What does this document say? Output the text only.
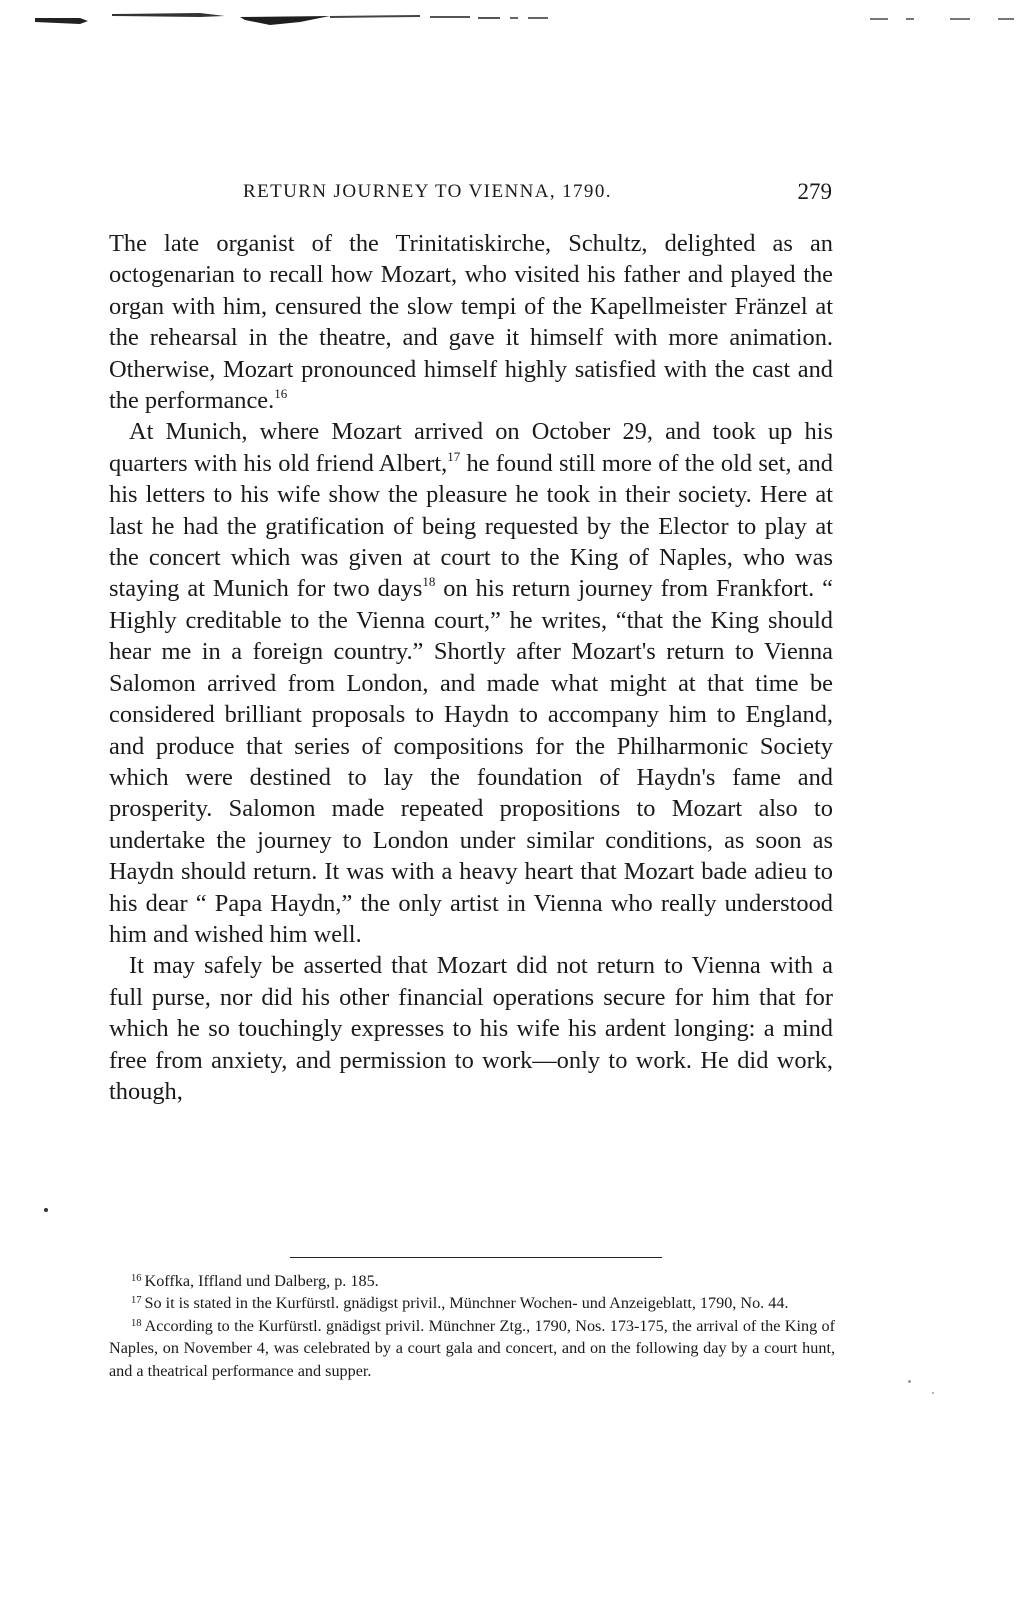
RETURN JOURNEY TO VIENNA, 1790.	279

The late organist of the Trinitatiskirche, Schultz, delighted as an octogenarian to recall how Mozart, who visited his father and played the organ with him, censured the slow tempi of the Kapellmeister Fränzel at the rehearsal in the theatre, and gave it himself with more animation. Otherwise, Mozart pronounced himself highly satisfied with the cast and the performance.$^{16}$

At Munich, where Mozart arrived on October 29, and took up his quarters with his old friend Albert,$^{17}$ he found still more of the old set, and his letters to his wife show the pleasure he took in their society. Here at last he had the gratification of being requested by the Elector to play at the concert which was given at court to the King of Naples, who was staying at Munich for two days$^{18}$ on his return journey from Frankfort. “ Highly creditable to the Vienna court,” he writes, “that the King should hear me in a foreign country.” Shortly after Mozart's return to Vienna Salomon arrived from London, and made what might at that time be considered brilliant proposals to Haydn to accompany him to England, and produce that series of compositions for the Philharmonic Society which were destined to lay the foundation of Haydn's fame and prosperity. Salomon made repeated propositions to Mozart also to undertake the journey to London under similar conditions, as soon as Haydn should return. It was with a heavy heart that Mozart bade adieu to his dear “ Papa Haydn,” the only artist in Vienna who really understood him and wished him well.

It may safely be asserted that Mozart did not return to Vienna with a full purse, nor did his other financial operations secure for him that for which he so touchingly expresses to his wife his ardent longing: a mind free from anxiety, and permission to work—only to work. He did work, though,

$^{16}$ Koffka, Iffland und Dalberg, p. 185.

$^{17}$ So it is stated in the Kurfürstl. gnädigst privil., Münchner Wochen- und Anzeigeblatt, 1790, No. 44.

$^{18}$ According to the Kurfürstl. gnädigst privil. Münchner Ztg., 1790, Nos. 173-175, the arrival of the King of Naples, on November 4, was celebrated by a court gala and concert, and on the following day by a court hunt, and a theatrical performance and supper.
